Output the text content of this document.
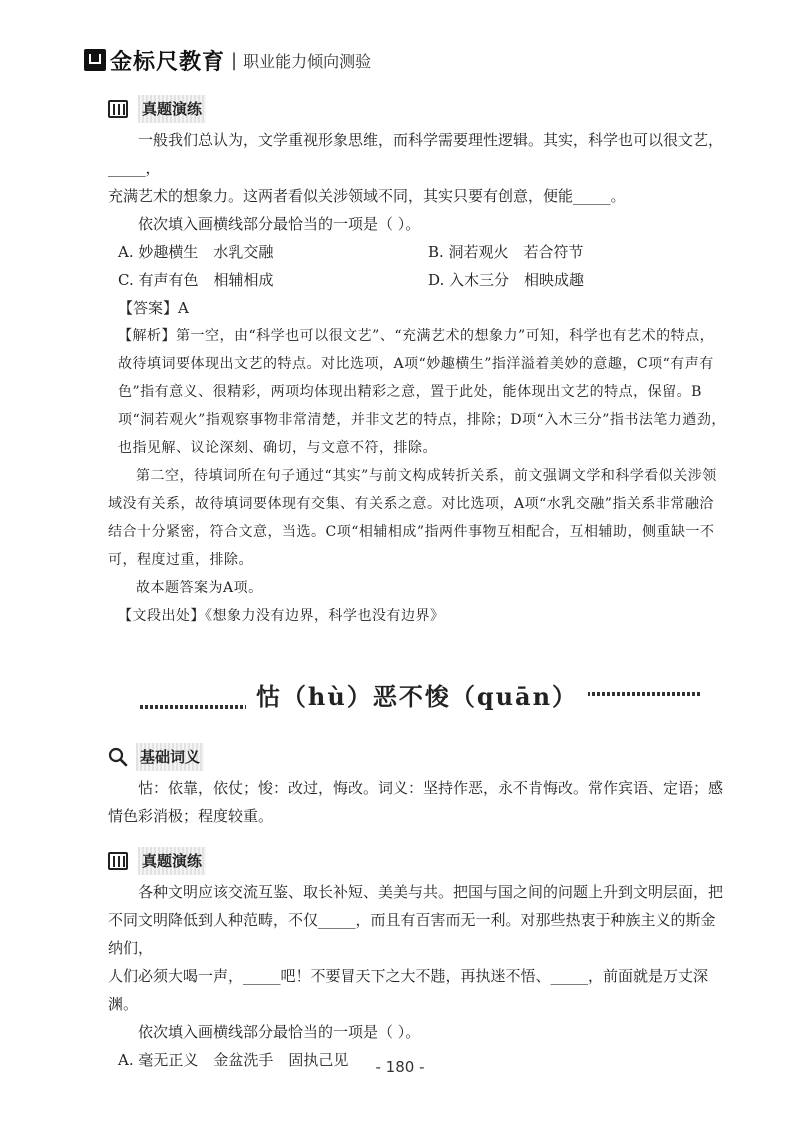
金标尺教育 | 职业能力倾向测验
真题演练

一般我们总认为，文学重视形象思维，而科学需要理性逻辑。其实，科学也可以很文艺，_____，

充满艺术的想象力。这两者看似关涉领域不同，其实只要有创意，便能_____。

依次填入画横线部分最恰当的一项是（ ）。

A. 妙趣横生　水乳交融	B. 洞若观火　若合符节
C. 有声有色　相辅相成	D. 入木三分　相映成趣

【答案】A

【解析】第一空，由“科学也可以很文艺”、“充满艺术的想象力”可知，科学也有艺术的特点，故待填词要体现出文艺的特点。对比选项，A项“妙趣横生”指洋溢着美妙的意趣，C项“有声有色”指有意义、很精彩，两项均体现出精彩之意，置于此处，能体现出文艺的特点，保留。B项“洞若观火”指观察事物非常清楚，并非文艺的特点，排除；D项“入木三分”指书法笔力遒劲，也指见解、议论深刻、确切，与文意不符，排除。

第二空，待填词所在句子通过“其实”与前文构成转折关系，前文强调文学和科学看似关涉领域没有关系，故待填词要体现有交集、有关系之意。对比选项，A项“水乳交融”指关系非常融洽结合十分紧密，符合文意，当选。C项“相辅相成”指两件事物互相配合，互相辅助，侧重缺一不可，程度过重，排除。

故本题答案为A项。

【文段出处】《想象力没有边界，科学也没有边界》

怙（hù）恶不悛（quān）
基础词义

怙：依靠，依仗；悛：改过，悔改。词义：坚持作恶，永不肯悔改。常作宾语、定语；感情色彩消极；程度较重。

真题演练

各种文明应该交流互鉴、取长补短、美美与共。把国与国之间的问题上升到文明层面，把

不同文明降低到人种范畴，不仅_____，而且有百害而无一利。对那些热衷于种族主义的斯金纳们，

人们必须大喝一声，_____吧！不要冒天下之大不韪，再执迷不悟、_____，前面就是万丈深渊。

依次填入画横线部分最恰当的一项是（ ）。

A. 毫无正义　金盆洗手　固执己见	- 180 -
